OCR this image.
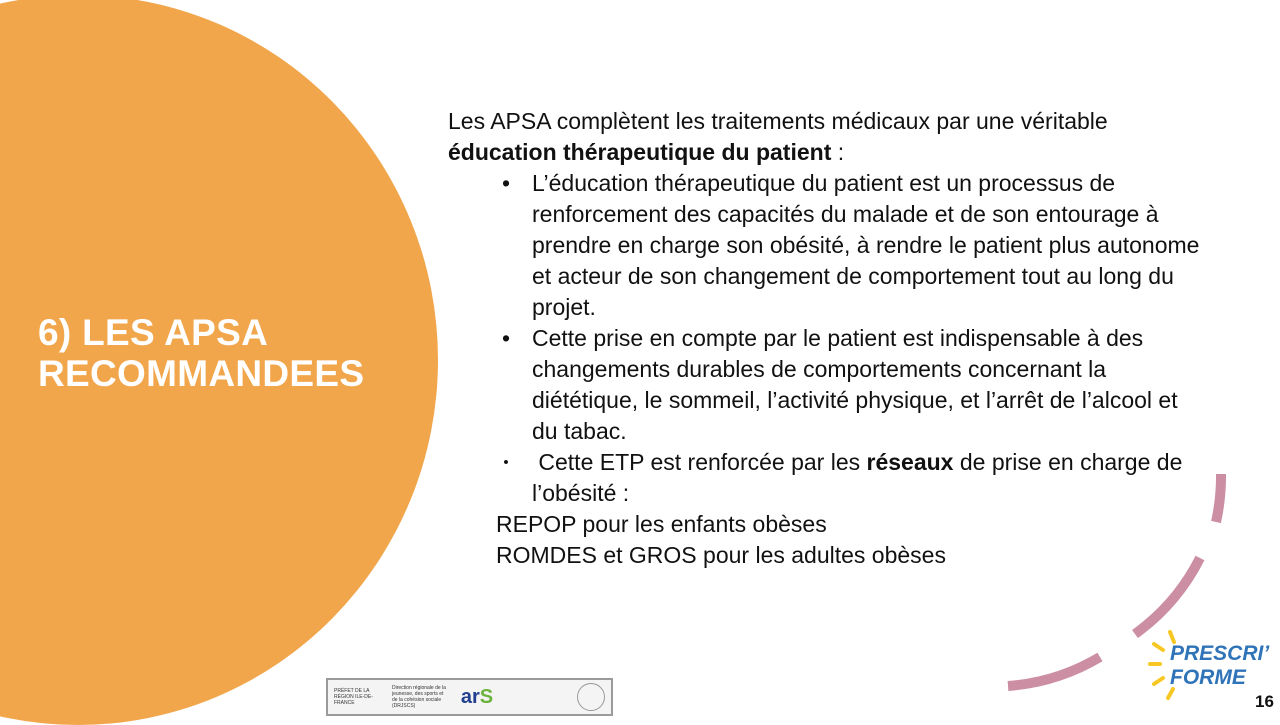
6) LES APSA
RECOMMANDEES
Les APSA complètent les traitements médicaux par une véritable éducation thérapeutique du patient :
• L’éducation thérapeutique du patient est un processus de renforcement des capacités du malade et de son entourage à prendre en charge son obésité, à rendre le patient plus autonome et acteur de son changement de comportement tout au long du projet.
• Cette prise en compte par le patient est indispensable à des changements durables de comportements concernant la diététique, le sommeil, l’activité physique, et l’arrêt de l’alcool et du tabac.
•	Cette ETP est renforcée par les réseaux de prise en charge de l’obésité :
REPOP pour les enfants obèses
ROMDES et GROS pour les adultes obèses
PRÉFET DE LA RÉGION ILE-DE-FRANCE
Direction régionale de la jeunesse, des sports et de la cohésion sociale (DRJSCS)	arS
PRESCRI’
FORME
16
